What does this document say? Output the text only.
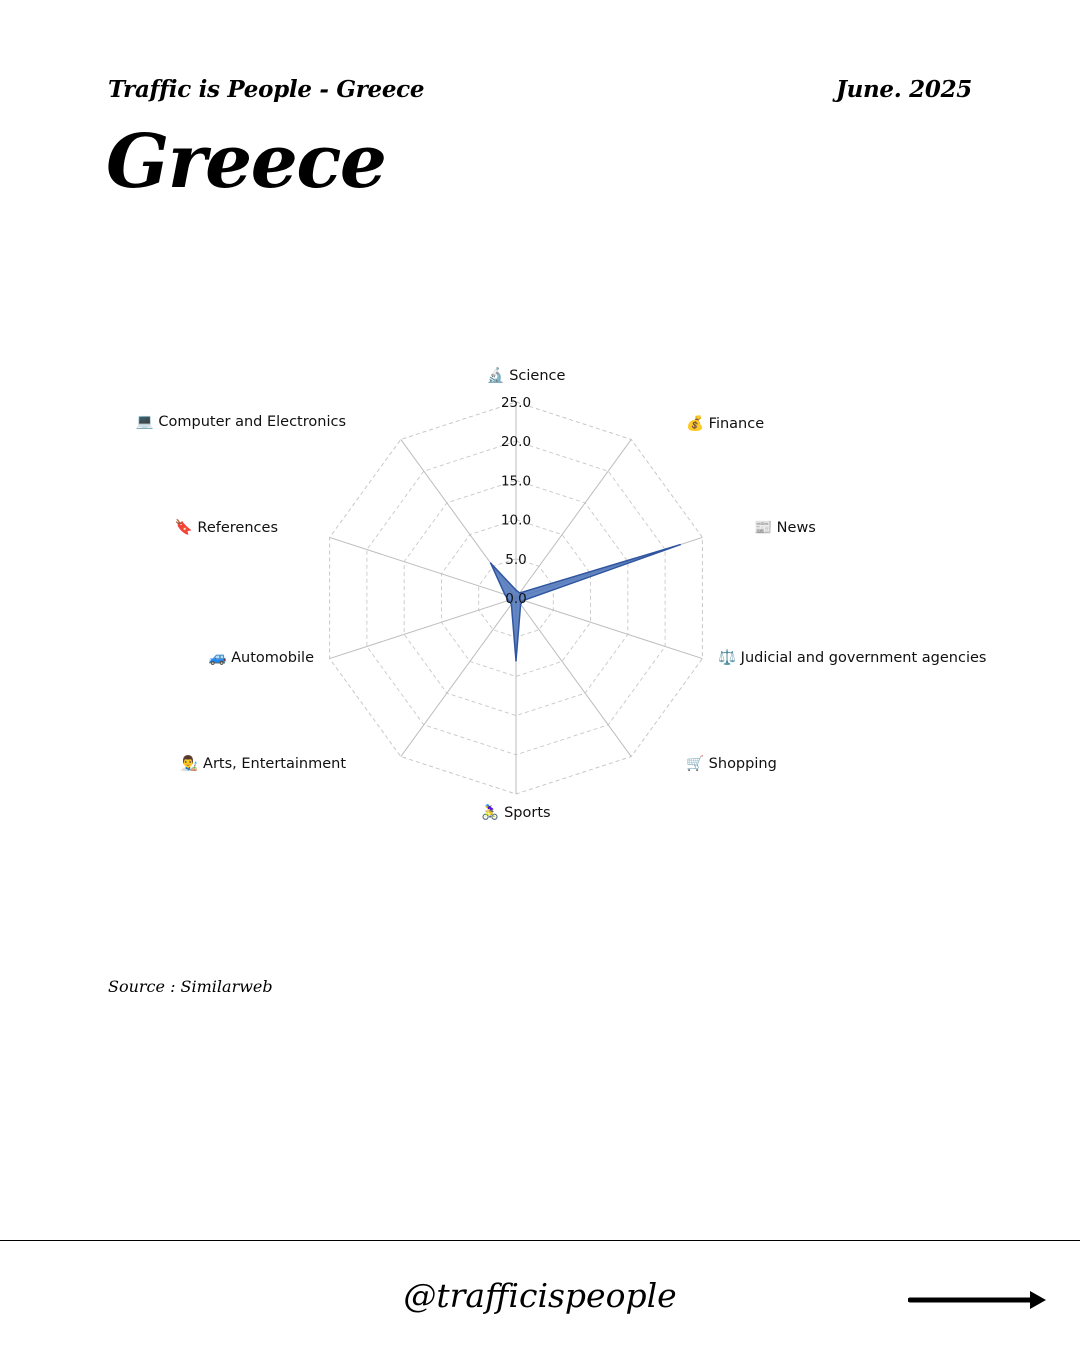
Traffic is People - Greece	June. 2025
Greece
0.0
5.0
10.0
15.0
20.0
25.0
🔬 Science
💰 Finance
📰 News
⚖️ Judicial and government agencies
🛒 Shopping
🚴‍♀️ Sports
👨‍🎨 Arts, Entertainment
🚙 Automobile
🔖 References
💻 Computer and Electronics
Source : Similarweb
@trafficispeople
